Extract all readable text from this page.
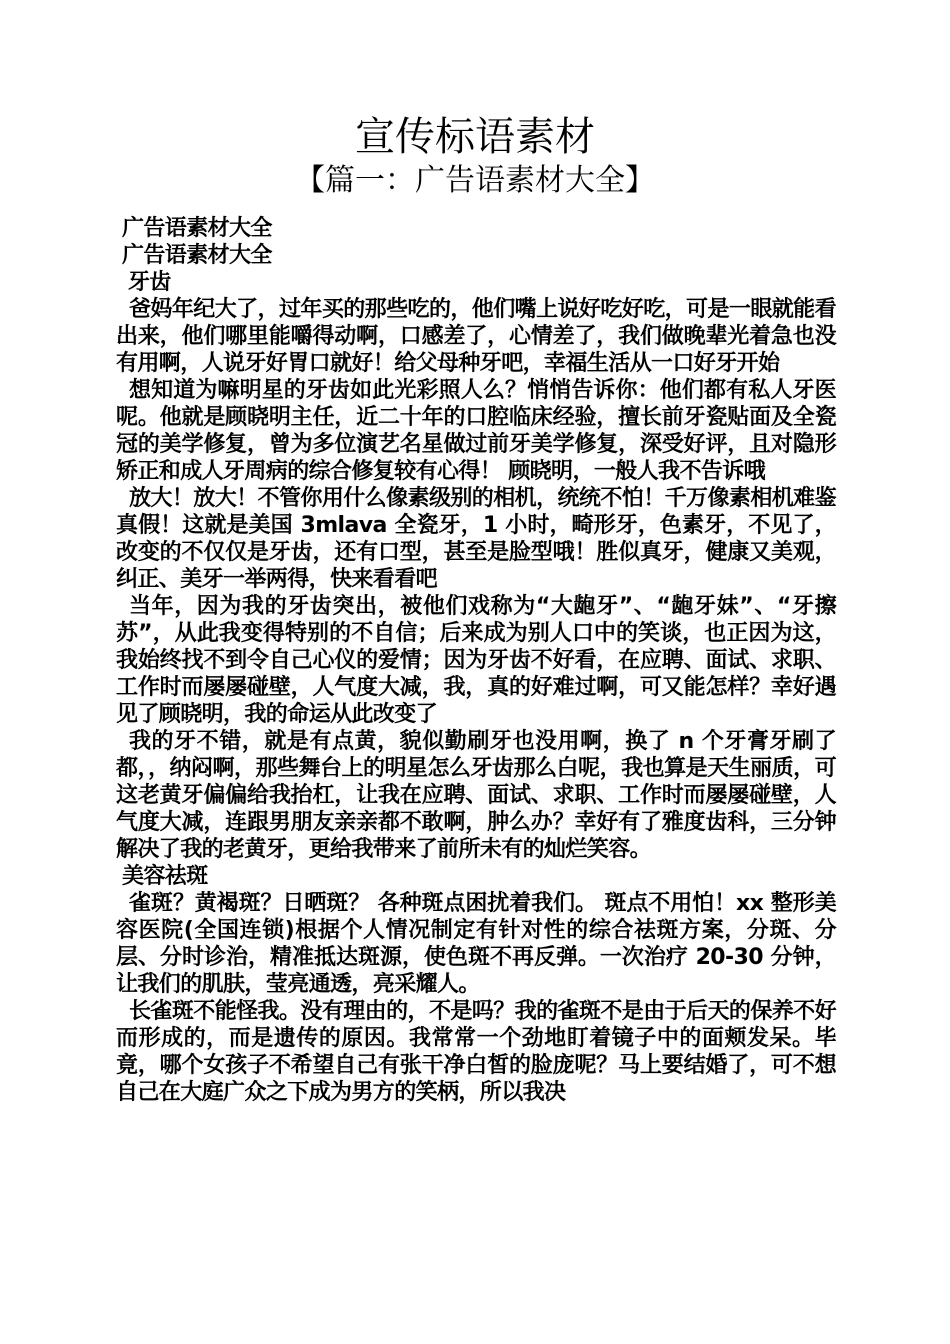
宣传标语素材
【篇一：广告语素材大全】
广告语素材大全
广告语素材大全
牙齿

爸妈年纪大了，过年买的那些吃的，他们嘴上说好吃好吃，可是一眼就能看出来，他们哪里能嚼得动啊，口感差了，心情差了，我们做晚辈光着急也没有用啊，人说牙好胃口就好！给父母种牙吧，幸福生活从一口好牙开始

想知道为嘛明星的牙齿如此光彩照人么？悄悄告诉你：他们都有私人牙医呢。他就是顾晓明主任，近二十年的口腔临床经验，擅长前牙瓷贴面及全瓷冠的美学修复，曾为多位演艺名星做过前牙美学修复，深受好评，且对隐形矫正和成人牙周病的综合修复较有心得！ 顾晓明，一般人我不告诉哦

放大！放大！不管你用什么像素级别的相机，统统不怕！千万像素相机难鉴真假！这就是美国 3mlava 全瓷牙，1 小时，畸形牙，色素牙，不见了，改变的不仅仅是牙齿，还有口型，甚至是脸型哦！胜似真牙，健康又美观，纠正、美牙一举两得，快来看看吧

当年，因为我的牙齿突出，被他们戏称为“大龅牙”、“龅牙妹”、“牙擦苏”，从此我变得特别的不自信；后来成为别人口中的笑谈，也正因为这，我始终找不到令自己心仪的爱情；因为牙齿不好看，在应聘、面试、求职、工作时而屡屡碰壁，人气度大减，我，真的好难过啊，可又能怎样？幸好遇见了顾晓明，我的命运从此改变了

我的牙不错，就是有点黄，貌似勤刷牙也没用啊，换了 n 个牙膏牙刷了都，，纳闷啊，那些舞台上的明星怎么牙齿那么白呢，我也算是天生丽质，可这老黄牙偏偏给我抬杠，让我在应聘、面试、求职、工作时而屡屡碰壁，人气度大减，连跟男朋友亲亲都不敢啊，肿么办？幸好有了雅度齿科，三分钟解决了我的老黄牙，更给我带来了前所未有的灿烂笑容。

美容祛斑

雀斑？黄褐斑？日晒斑？ 各种斑点困扰着我们。 斑点不用怕！xx 整形美容医院(全国连锁)根据个人情况制定有针对性的综合祛斑方案，分斑、分层、分时诊治，精准抵达斑源，使色斑不再反弹。一次治疗 20-30 分钟，让我们的肌肤，莹亮通透，亮采耀人。

长雀斑不能怪我。没有理由的，不是吗？我的雀斑不是由于后天的保养不好而形成的，而是遗传的原因。我常常一个劲地盯着镜子中的面颊发呆。毕竟，哪个女孩子不希望自己有张干净白皙的脸庞呢？马上要结婚了，可不想自己在大庭广众之下成为男方的笑柄，所以我决
